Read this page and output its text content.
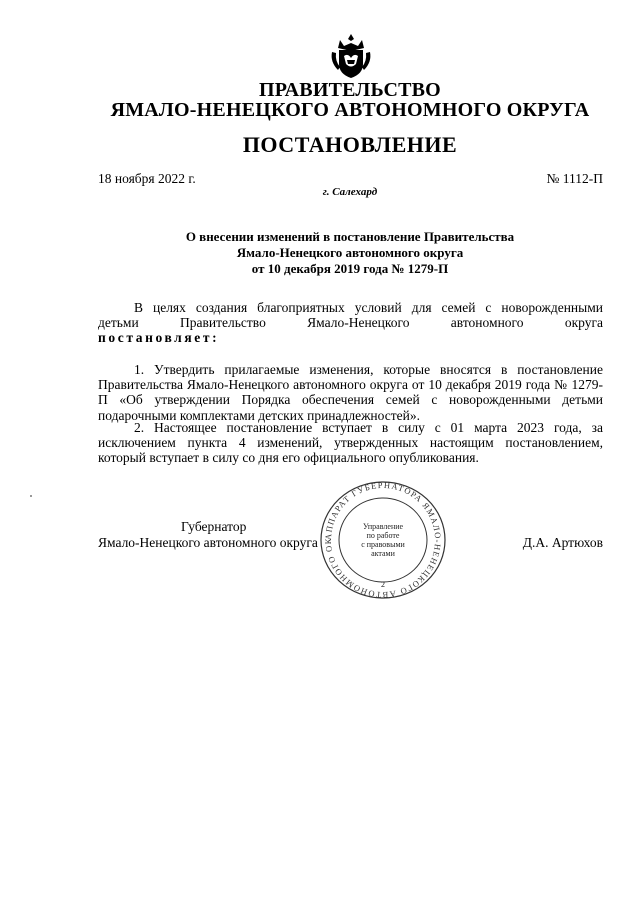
ПРАВИТЕЛЬСТВО
ЯМАЛО-НЕНЕЦКОГО АВТОНОМНОГО ОКРУГА
ПОСТАНОВЛЕНИЕ
18 ноября 2022 г.	№ 1112-П
г. Салехард
О внесении изменений в постановление Правительства
Ямало-Ненецкого автономного округа
от 10 декабря 2019 года № 1279-П
В целях создания благоприятных условий для семей с новорожденными
детьми Правительство Ямало-Ненецкого автономного округа
постановляет:
1. Утвердить прилагаемые изменения, которые вносятся в постановление Правительства Ямало-Ненецкого автономного округа от 10 декабря 2019 года № 1279-П «Об утверждении Порядка обеспечения семей с новорожденными детьми подарочными комплектами детских принадлежностей».
2. Настоящее постановление вступает в силу с 01 марта 2023 года, за исключением пункта 4 изменений, утвержденных настоящим постановлением, который вступает в силу со дня его официального опубликования.
Губернатор
Ямало-Ненецкого автономного округа	Д.А. Артюхов
АППАРАТ ГУБЕРНАТОРА ЯМАЛО-НЕНЕЦКОГО АВТОНОМНОГО ОК
Управление
по работе
с правовыми
актами
2
